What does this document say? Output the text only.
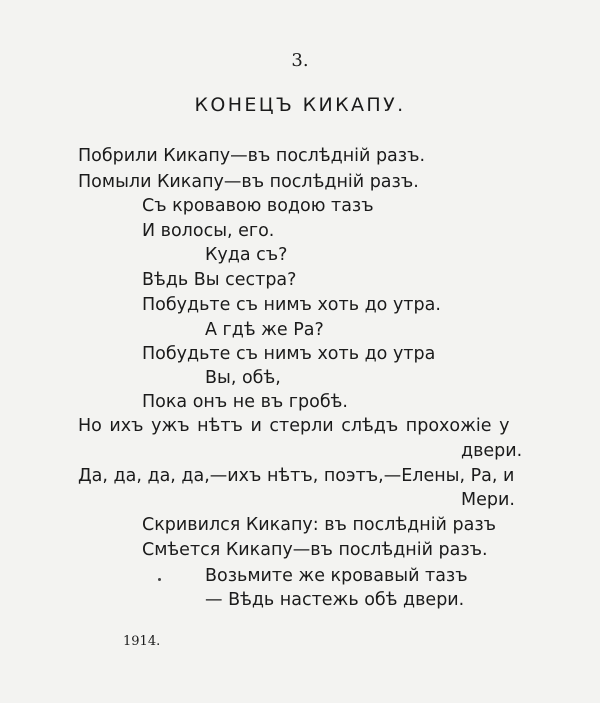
3.
КОНЕЦЪ КИКАПУ.
Побрили Кикапу—въ послѣднiй разъ.
Помыли Кикапу—въ послѣднiй разъ.
Съ кровавою водою тазъ
И волосы, его.
Куда съ?
Вѣдь Вы сестра?
Побудьте съ нимъ хоть до утра.
А гдѣ же Ра?
Побудьте съ нимъ хоть до утра
Вы, обѣ,
Пока онъ не въ гробѣ.
Но ихъ ужъ нѣтъ и стерли слѣдъ прохожiе у
двери.
Да, да, да, да,—ихъ нѣтъ, поэтъ,—Елены, Ра, и
Мери.
Скривился Кикапу: въ послѣднiй разъ
Смѣется Кикапу—въ послѣднiй разъ.
Возьмите же кровавый тазъ
— Вѣдь настежь обѣ двери.
1914.
